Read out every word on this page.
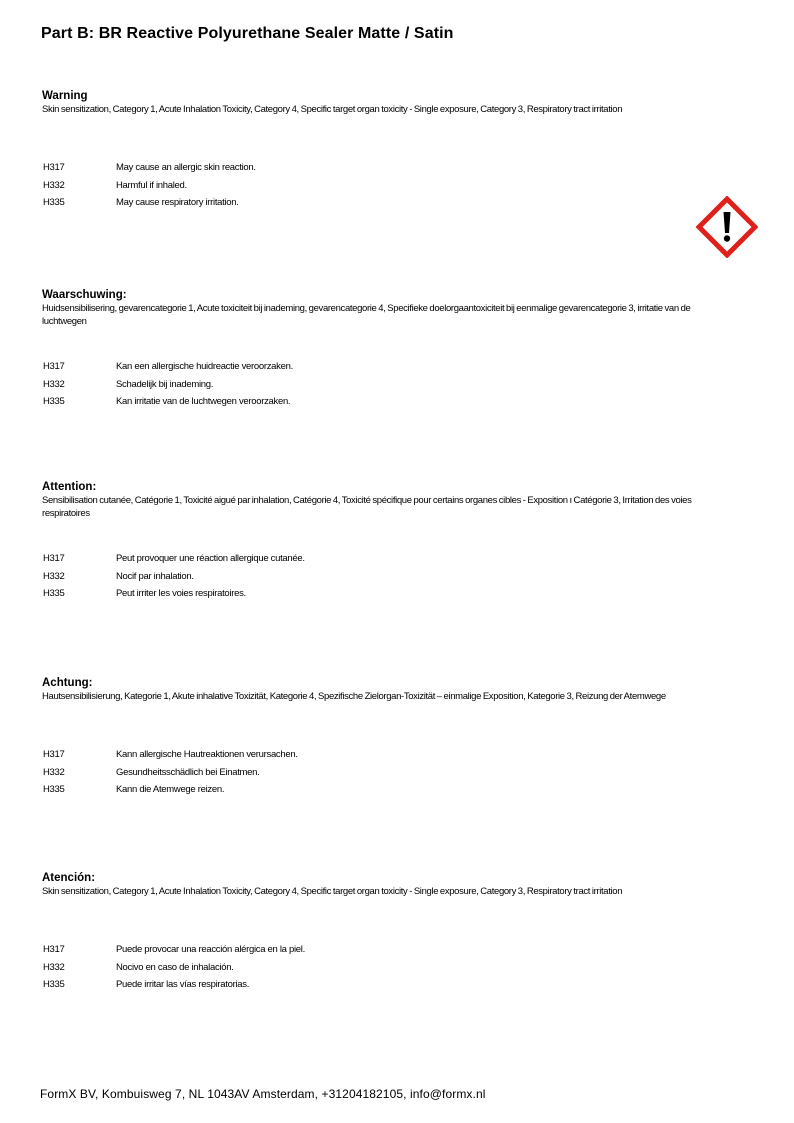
Part B: BR Reactive Polyurethane Sealer Matte / Satin
Warning
Skin sensitization, Category 1, Acute Inhalation Toxicity, Category 4, Specific target organ toxicity - Single exposure, Category 3, Respiratory tract irritation
H317	May cause an allergic skin reaction.
H332	Harmful if inhaled.
H335	May cause respiratory irritation.
Waarschuwing:
Huidsensibilisering, gevarencategorie 1, Acute toxiciteit bij inademing, gevarencategorie 4, Specifieke doelorgaantoxiciteit bij eenmalige gevarencategorie 3, irritatie van de luchtwegen
H317	Kan een allergische huidreactie veroorzaken.
H332	Schadelijk bij inademing.
H335	Kan irritatie van de luchtwegen veroorzaken.
Attention:
Sensibilisation cutanée, Catégorie 1, Toxicité aigué par inhalation, Catégorie 4, Toxicité spécifique pour certains organes cibles - Exposition ı Catégorie 3, Irritation des voies respiratoires
H317	Peut provoquer une réaction allergique cutanée.
H332	Nocif par inhalation.
H335	Peut irriter les voies respiratoires.
Achtung:
Hautsensibilisierung, Kategorie 1, Akute inhalative Toxizität, Kategorie 4, Spezifische Zielorgan-Toxizität – einmalige Exposition, Kategorie 3, Reizung der Atemwege
H317	Kann allergische Hautreaktionen verursachen.
H332	Gesundheitsschädlich bei Einatmen.
H335	Kann die Atemwege reizen.
Atención:
Skin sensitization, Category 1, Acute Inhalation Toxicity, Category 4, Specific target organ toxicity - Single exposure, Category 3, Respiratory tract irritation
H317	Puede provocar una reacción alérgica en la piel.
H332	Nocivo en caso de inhalación.
H335	Puede irritar las vías respiratorias.
FormX BV, Kombuisweg 7, NL 1043AV Amsterdam, +31204182105, info@formx.nl
